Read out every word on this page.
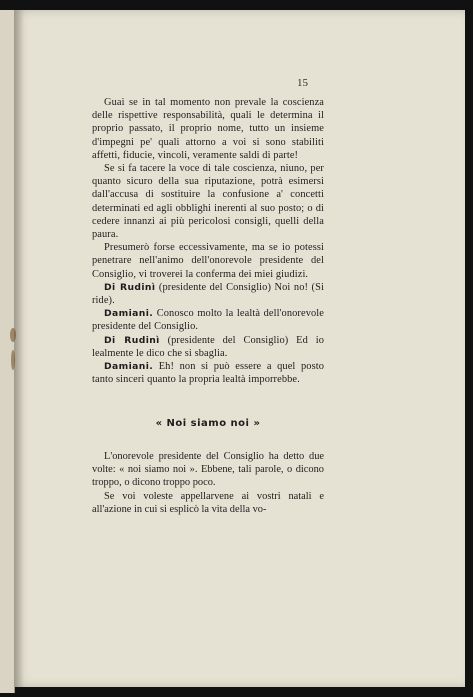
15

Guai se in tal momento non prevale la coscienza delle rispettive responsabilità, quali le determina il proprio passato, il proprio nome, tutto un insieme d'impegni pe' quali attorno a voi si sono stabiliti affetti, fiducie, vincoli, veramente saldi di parte!

Se si fa tacere la voce di tale coscienza, niuno, per quanto sicuro della sua riputazione, potrà esimersi dall'accusa di sostituire la confusione a' concetti determinati ed agli obblighi inerenti al suo posto; o di cedere innanzi ai più pericolosi consigli, quelli della paura.

Presumerò forse eccessivamente, ma se io potessi penetrare nell'animo dell'onorevole presidente del Consiglio, vi troverei la conferma dei miei giudizi.

Di Rudinì (presidente del Consiglio) Noi no! (Si ride).

Damiani. Conosco molto la lealtà dell'onorevole presidente del Consiglio.

Di Rudinì (presidente del Consiglio) Ed io lealmente le dico che si sbaglia.

Damiani. Eh! non si può essere a quel posto tanto sinceri quanto la propria lealtà imporrebbe.

« Noi siamo noi »

L'onorevole presidente del Consiglio ha detto due volte: « noi siamo noi ». Ebbene, tali parole, o dicono troppo, o dicono troppo poco.

Se voi voleste appellarvene ai vostri natali e all'azione in cui si esplicò la vita della vo-
